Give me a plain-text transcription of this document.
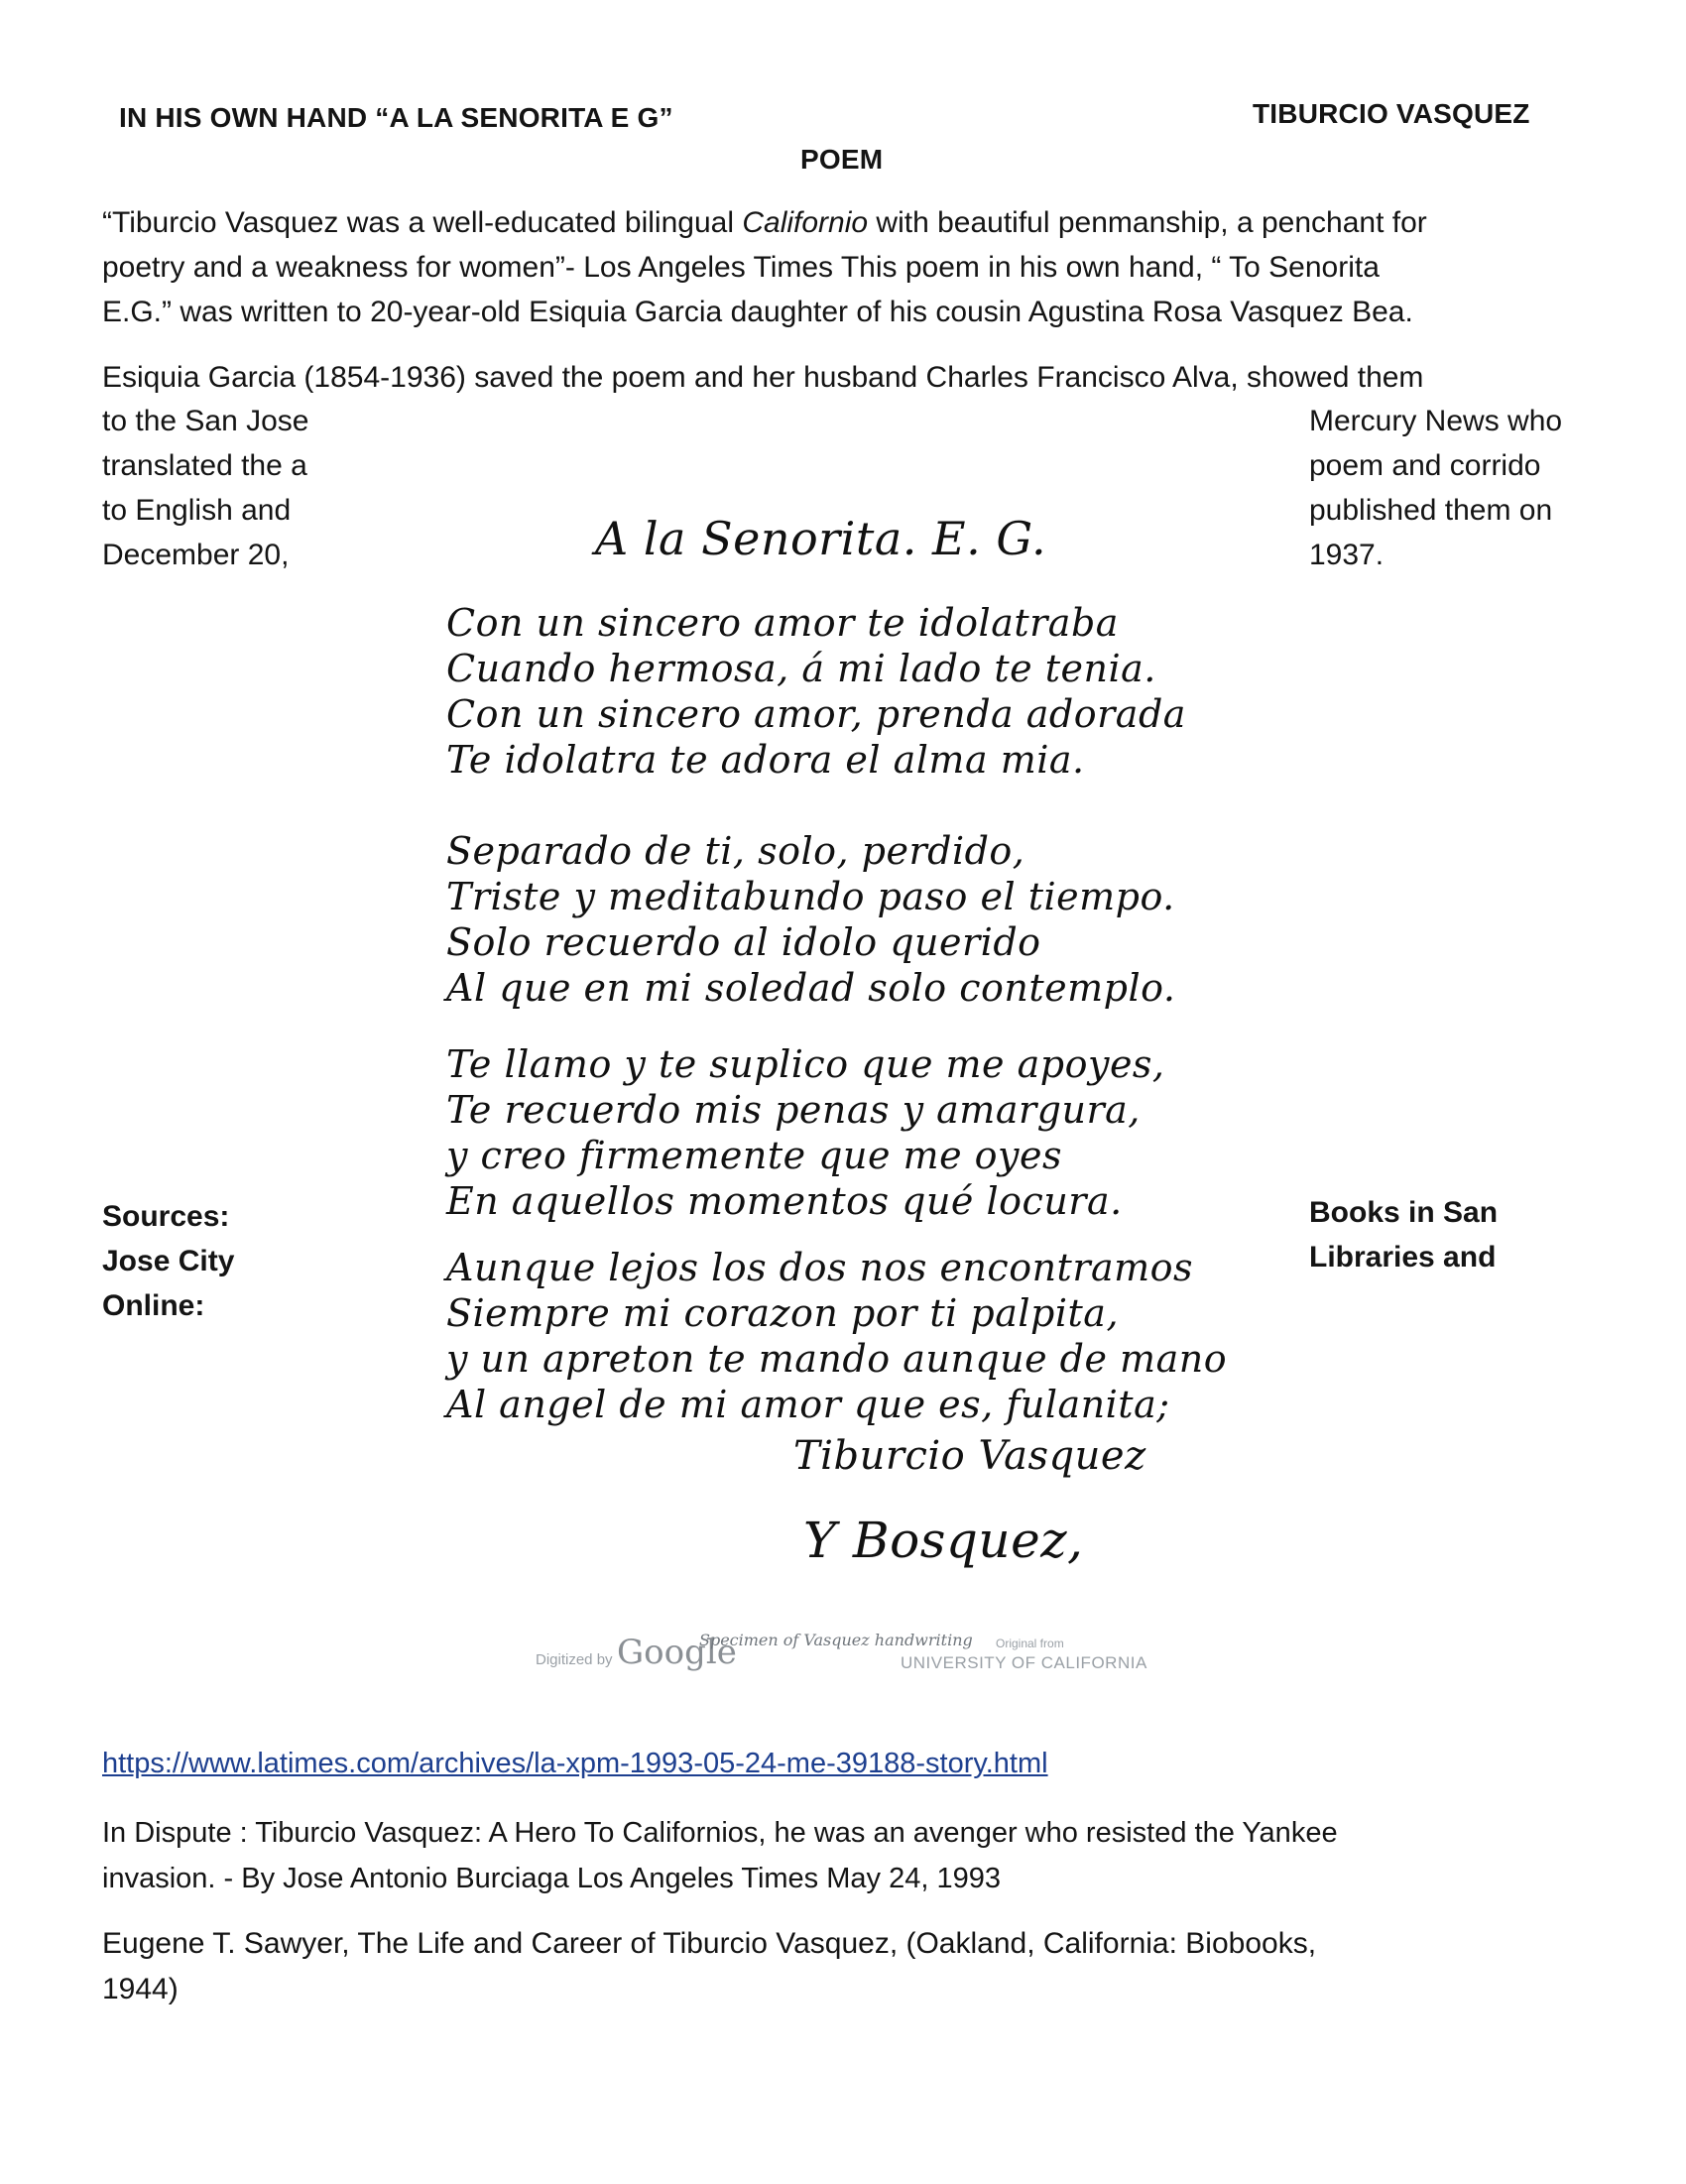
IN HIS OWN HAND “A LA SENORITA E G”	TIBURCIO VASQUEZ
POEM
“Tiburcio Vasquez was a well-educated bilingual Californio with beautiful penmanship, a penchant for
poetry and a weakness for women”- Los Angeles Times This poem in his own hand, “ To Senorita
E.G.” was written to 20-year-old Esiquia Garcia daughter of his cousin Agustina Rosa Vasquez Bea.
Esiquia Garcia (1854-1936) saved the poem and her husband Charles Francisco Alva, showed them
to the San Jose
translated the a
to English and
December 20,
Mercury News who
poem and corrido
published them on
1937.
A la Senorita. E. G.
Con un sincero amor te idolatraba
Cuando hermosa, á mi lado te tenia.
Con un sincero amor, prenda adorada
Te idolatra te adora el alma mia.
Separado de ti, solo, perdido,
Triste y meditabundo paso el tiempo.
Solo recuerdo al idolo querido
Al que en mi soledad solo contemplo.
Te llamo y te suplico que me apoyes,
Te recuerdo mis penas y amargura,
y creo firmemente que me oyes
En aquellos momentos qué locura.
Aunque lejos los dos nos encontramos
Siempre mi corazon por ti palpita,
y un apreton te mando aunque de mano
Al angel de mi amor que es, fulanita;
Tiburcio Vasquez
Y Bosquez,
Digitized by Google
Specimen of Vasquez handwriting Original from
UNIVERSITY OF CALIFORNIA
Sources:
Jose City
Online:
Books in San
Libraries and
https://www.latimes.com/archives/la-xpm-1993-05-24-me-39188-story.html
In Dispute : Tiburcio Vasquez: A Hero To Californios, he was an avenger who resisted the Yankee
invasion. - By Jose Antonio Burciaga Los Angeles Times May 24, 1993
Eugene T. Sawyer, The Life and Career of Tiburcio Vasquez, (Oakland, California: Biobooks,
1944)
